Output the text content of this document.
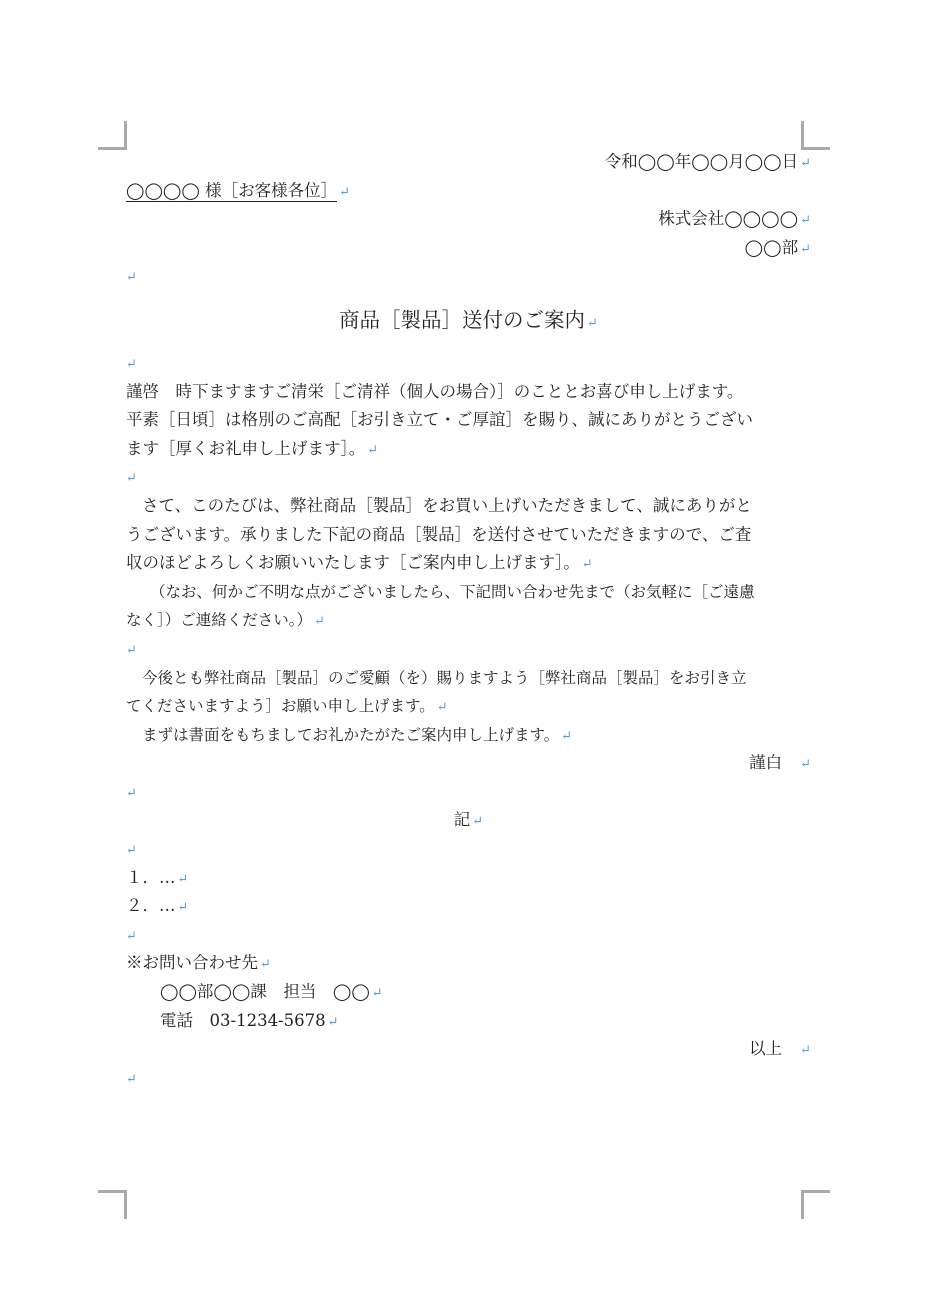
令和◯◯年◯◯月◯◯日 ↵
◯◯◯◯ 様［お客様各位］ ↵
株式会社◯◯◯◯ ↵
◯◯部 ↵
↵
商品［製品］送付のご案内 ↵
↵
謹啓　時下ますますご清栄［ご清祥（個人の場合）］のこととお喜び申し上げます。
平素［日頃］は格別のご高配［お引き立て・ご厚誼］を賜り、誠にありがとうござい
ます［厚くお礼申し上げます］。 ↵
↵
さて、このたびは、弊社商品［製品］をお買い上げいただきまして、誠にありがと
うございます。承りました下記の商品［製品］を送付させていただきますので、ご査
収のほどよろしくお願いいたします［ご案内申し上げます］。 ↵
（なお、何かご不明な点がございましたら、下記問い合わせ先まで（お気軽に［ご遠慮
なく］）ご連絡ください。） ↵
↵
今後とも弊社商品［製品］のご愛顧（を）賜りますよう［弊社商品［製品］をお引き立
てくださいますよう］お願い申し上げます。 ↵
まずは書面をもちましてお礼かたがたご案内申し上げます。 ↵
謹白 ↵
↵
記 ↵
↵
１．… ↵
２．… ↵
↵
※お問い合わせ先 ↵
◯◯部◯◯課　担当　◯◯ ↵
電話　03-1234-5678 ↵
以上 ↵
↵
